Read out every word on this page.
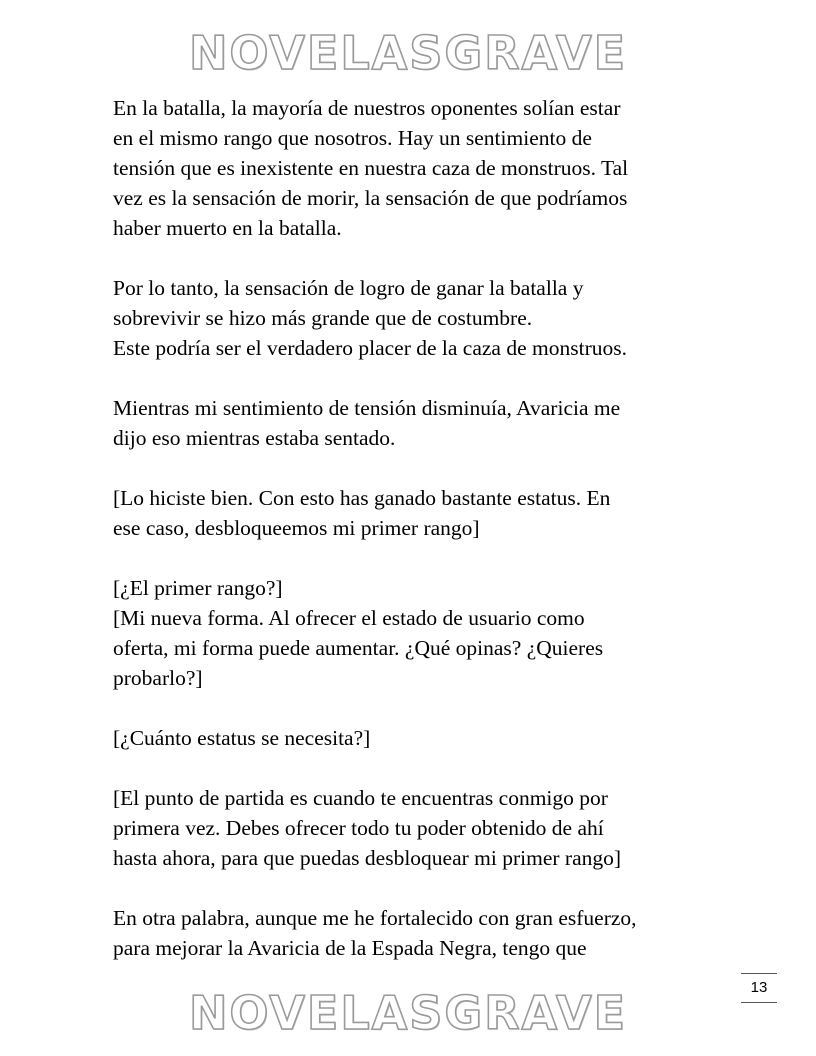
NOVELASGRAVE

En la batalla, la mayoría de nuestros oponentes solían estar
en el mismo rango que nosotros. Hay un sentimiento de
tensión que es inexistente en nuestra caza de monstruos. Tal
vez es la sensación de morir, la sensación de que podríamos
haber muerto en la batalla.

Por lo tanto, la sensación de logro de ganar la batalla y
sobrevivir se hizo más grande que de costumbre.
Este podría ser el verdadero placer de la caza de monstruos.

Mientras mi sentimiento de tensión disminuía, Avaricia me
dijo eso mientras estaba sentado.

[Lo hiciste bien. Con esto has ganado bastante estatus. En
ese caso, desbloqueemos mi primer rango]

[¿El primer rango?]
[Mi nueva forma. Al ofrecer el estado de usuario como
oferta, mi forma puede aumentar. ¿Qué opinas? ¿Quieres
probarlo?]

[¿Cuánto estatus se necesita?]

[El punto de partida es cuando te encuentras conmigo por
primera vez. Debes ofrecer todo tu poder obtenido de ahí
hasta ahora, para que puedas desbloquear mi primer rango]

En otra palabra, aunque me he fortalecido con gran esfuerzo,
para mejorar la Avaricia de la Espada Negra, tengo que

13
NOVELASGRAVE
